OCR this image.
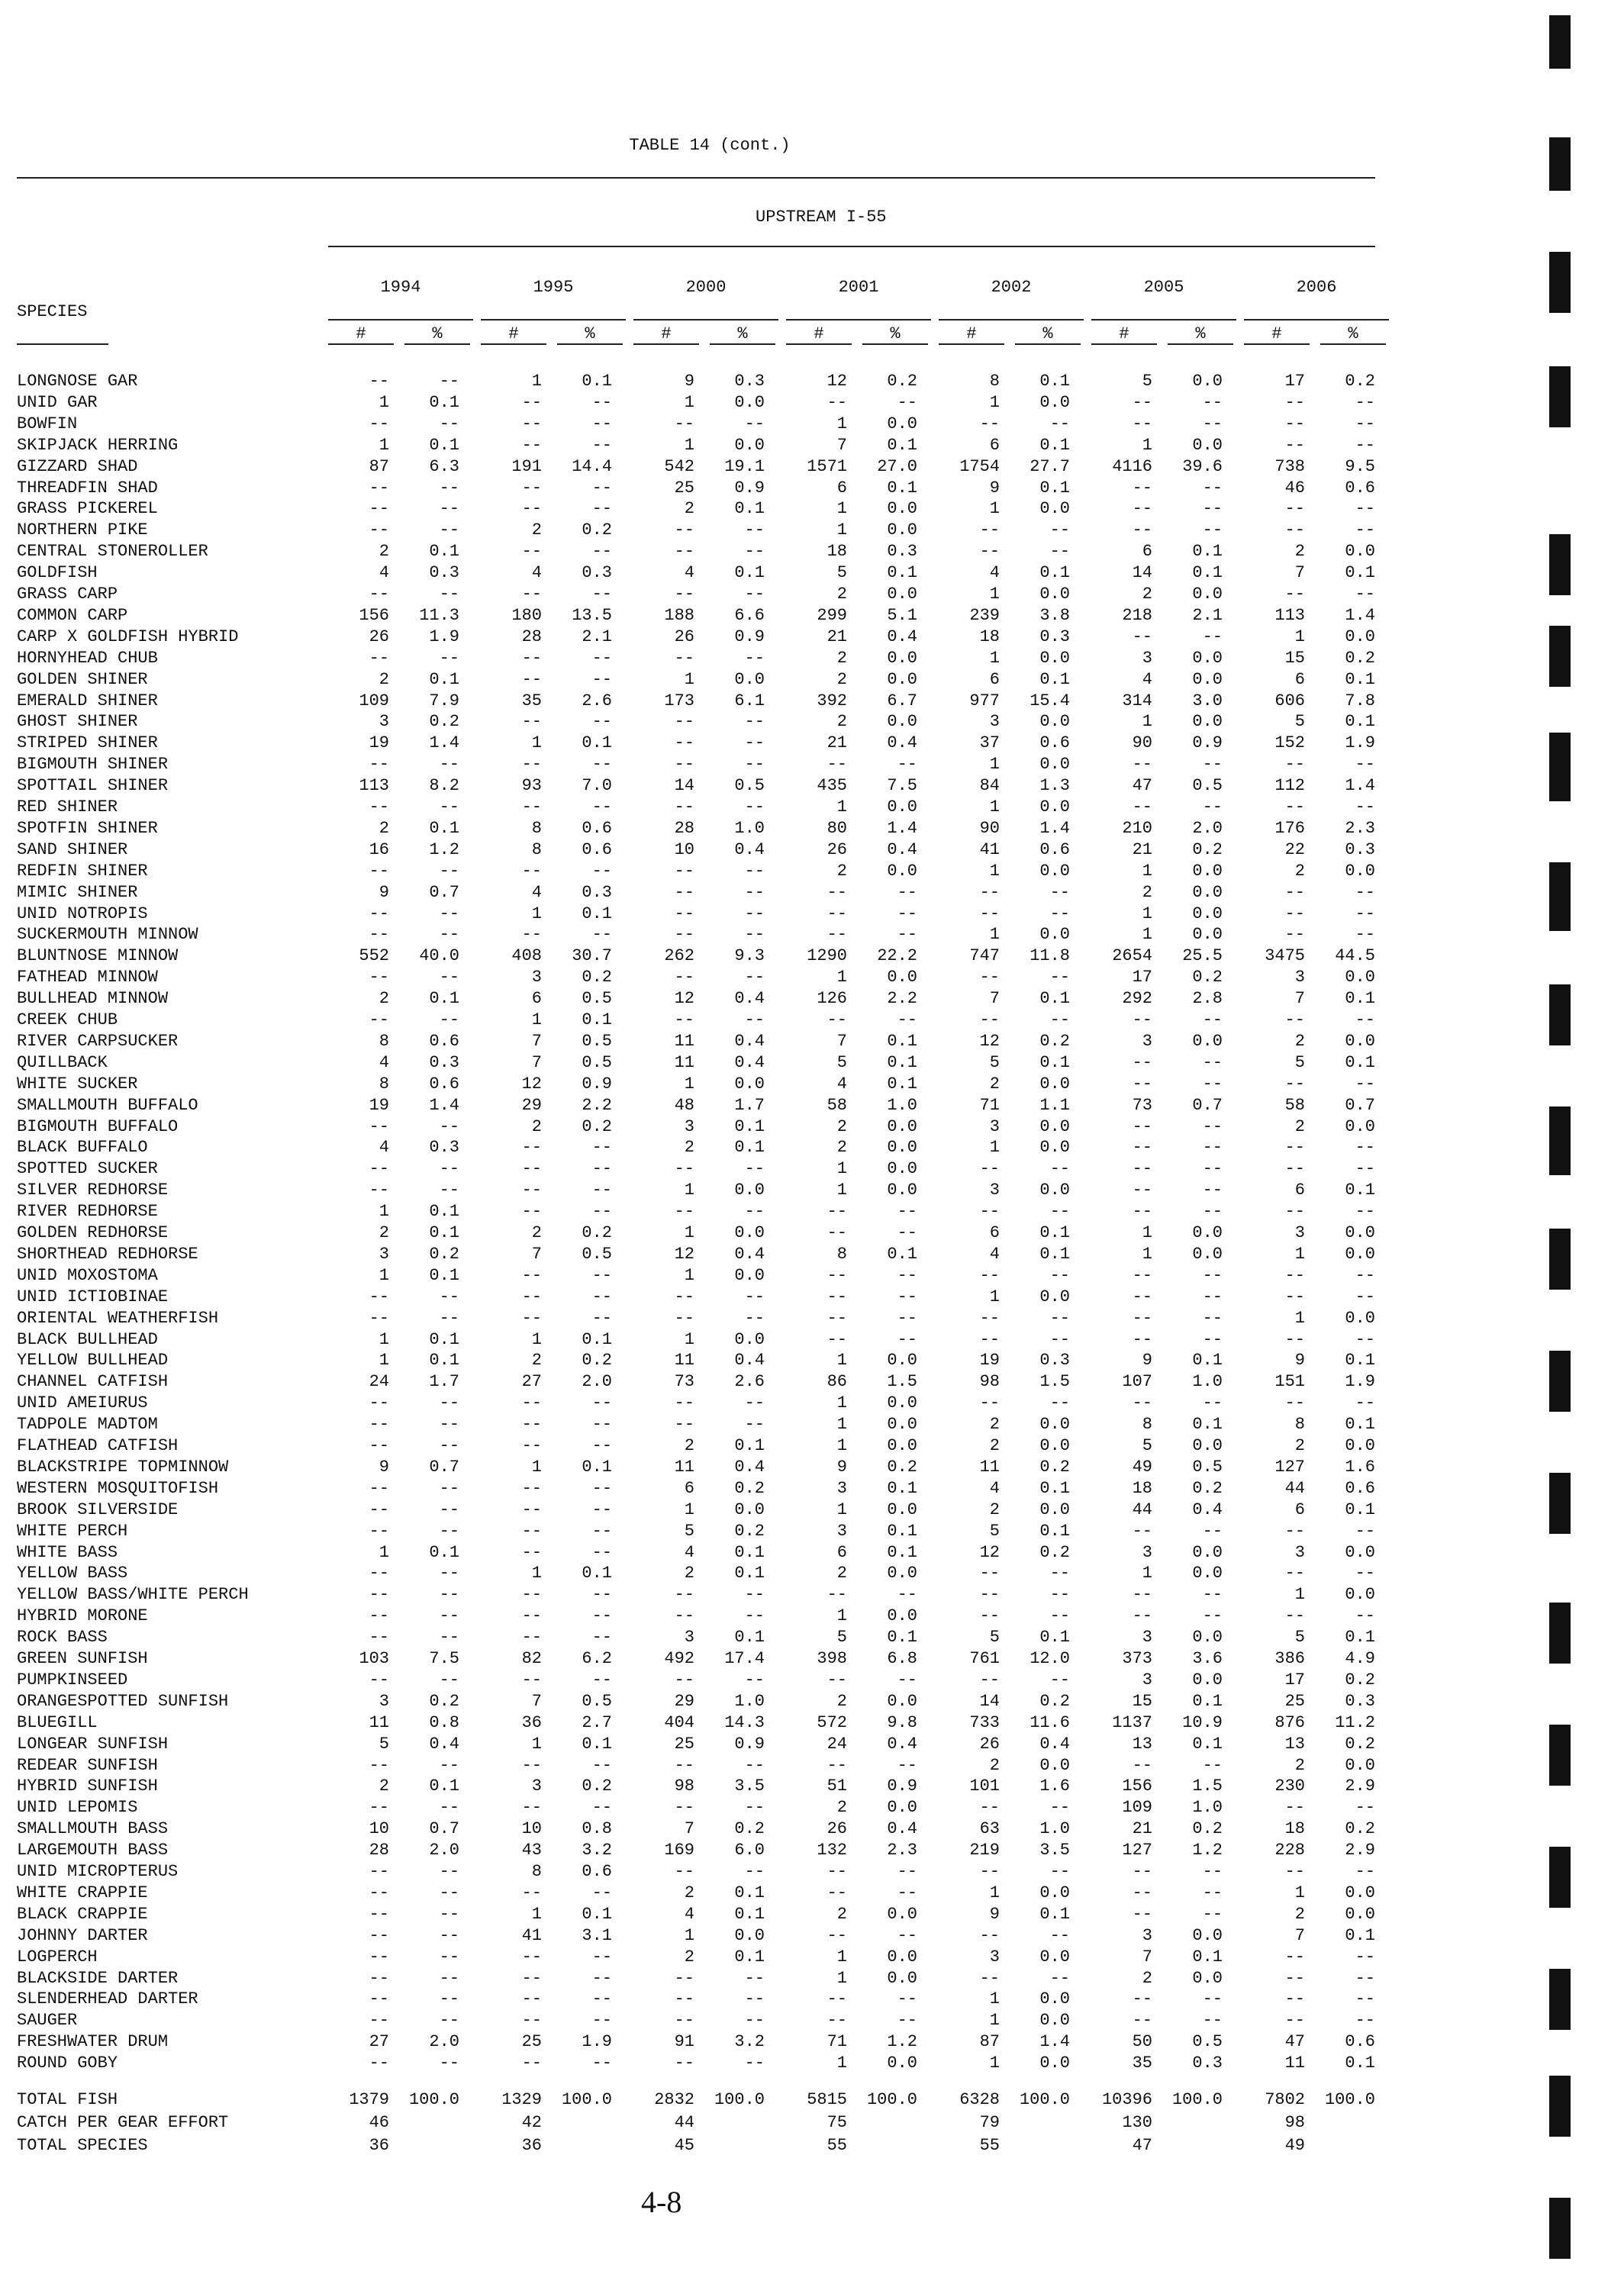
TABLE 14 (cont.)
UPSTREAM I-55
SPECIES
1994
#	%
1995
#	%
2000
#	%
2001
#	%
2002
#	%
2005
#	%
2006
#	%
LONGNOSE GAR	--	--	1	0.1	9	0.3	12	0.2	8	0.1	5	0.0	17	0.2
UNID GAR	1	0.1	--	--	1	0.0	--	--	1	0.0	--	--	--	--
BOWFIN	--	--	--	--	--	--	1	0.0	--	--	--	--	--	--
SKIPJACK HERRING	1	0.1	--	--	1	0.0	7	0.1	6	0.1	1	0.0	--	--
GIZZARD SHAD	87	6.3	191	14.4	542	19.1	1571	27.0	1754	27.7	4116	39.6	738	9.5
THREADFIN SHAD	--	--	--	--	25	0.9	6	0.1	9	0.1	--	--	46	0.6
GRASS PICKEREL	--	--	--	--	2	0.1	1	0.0	1	0.0	--	--	--	--
NORTHERN PIKE	--	--	2	0.2	--	--	1	0.0	--	--	--	--	--	--
CENTRAL STONEROLLER	2	0.1	--	--	--	--	18	0.3	--	--	6	0.1	2	0.0
GOLDFISH	4	0.3	4	0.3	4	0.1	5	0.1	4	0.1	14	0.1	7	0.1
GRASS CARP	--	--	--	--	--	--	2	0.0	1	0.0	2	0.0	--	--
COMMON CARP	156	11.3	180	13.5	188	6.6	299	5.1	239	3.8	218	2.1	113	1.4
CARP X GOLDFISH HYBRID	26	1.9	28	2.1	26	0.9	21	0.4	18	0.3	--	--	1	0.0
HORNYHEAD CHUB	--	--	--	--	--	--	2	0.0	1	0.0	3	0.0	15	0.2
GOLDEN SHINER	2	0.1	--	--	1	0.0	2	0.0	6	0.1	4	0.0	6	0.1
EMERALD SHINER	109	7.9	35	2.6	173	6.1	392	6.7	977	15.4	314	3.0	606	7.8
GHOST SHINER	3	0.2	--	--	--	--	2	0.0	3	0.0	1	0.0	5	0.1
STRIPED SHINER	19	1.4	1	0.1	--	--	21	0.4	37	0.6	90	0.9	152	1.9
BIGMOUTH SHINER	--	--	--	--	--	--	--	--	1	0.0	--	--	--	--
SPOTTAIL SHINER	113	8.2	93	7.0	14	0.5	435	7.5	84	1.3	47	0.5	112	1.4
RED SHINER	--	--	--	--	--	--	1	0.0	1	0.0	--	--	--	--
SPOTFIN SHINER	2	0.1	8	0.6	28	1.0	80	1.4	90	1.4	210	2.0	176	2.3
SAND SHINER	16	1.2	8	0.6	10	0.4	26	0.4	41	0.6	21	0.2	22	0.3
REDFIN SHINER	--	--	--	--	--	--	2	0.0	1	0.0	1	0.0	2	0.0
MIMIC SHINER	9	0.7	4	0.3	--	--	--	--	--	--	2	0.0	--	--
UNID NOTROPIS	--	--	1	0.1	--	--	--	--	--	--	1	0.0	--	--
SUCKERMOUTH MINNOW	--	--	--	--	--	--	--	--	1	0.0	1	0.0	--	--
BLUNTNOSE MINNOW	552	40.0	408	30.7	262	9.3	1290	22.2	747	11.8	2654	25.5	3475	44.5
FATHEAD MINNOW	--	--	3	0.2	--	--	1	0.0	--	--	17	0.2	3	0.0
BULLHEAD MINNOW	2	0.1	6	0.5	12	0.4	126	2.2	7	0.1	292	2.8	7	0.1
CREEK CHUB	--	--	1	0.1	--	--	--	--	--	--	--	--	--	--
RIVER CARPSUCKER	8	0.6	7	0.5	11	0.4	7	0.1	12	0.2	3	0.0	2	0.0
QUILLBACK	4	0.3	7	0.5	11	0.4	5	0.1	5	0.1	--	--	5	0.1
WHITE SUCKER	8	0.6	12	0.9	1	0.0	4	0.1	2	0.0	--	--	--	--
SMALLMOUTH BUFFALO	19	1.4	29	2.2	48	1.7	58	1.0	71	1.1	73	0.7	58	0.7
BIGMOUTH BUFFALO	--	--	2	0.2	3	0.1	2	0.0	3	0.0	--	--	2	0.0
BLACK BUFFALO	4	0.3	--	--	2	0.1	2	0.0	1	0.0	--	--	--	--
SPOTTED SUCKER	--	--	--	--	--	--	1	0.0	--	--	--	--	--	--
SILVER REDHORSE	--	--	--	--	1	0.0	1	0.0	3	0.0	--	--	6	0.1
RIVER REDHORSE	1	0.1	--	--	--	--	--	--	--	--	--	--	--	--
GOLDEN REDHORSE	2	0.1	2	0.2	1	0.0	--	--	6	0.1	1	0.0	3	0.0
SHORTHEAD REDHORSE	3	0.2	7	0.5	12	0.4	8	0.1	4	0.1	1	0.0	1	0.0
UNID MOXOSTOMA	1	0.1	--	--	1	0.0	--	--	--	--	--	--	--	--
UNID ICTIOBINAE	--	--	--	--	--	--	--	--	1	0.0	--	--	--	--
ORIENTAL WEATHERFISH	--	--	--	--	--	--	--	--	--	--	--	--	1	0.0
BLACK BULLHEAD	1	0.1	1	0.1	1	0.0	--	--	--	--	--	--	--	--
YELLOW BULLHEAD	1	0.1	2	0.2	11	0.4	1	0.0	19	0.3	9	0.1	9	0.1
CHANNEL CATFISH	24	1.7	27	2.0	73	2.6	86	1.5	98	1.5	107	1.0	151	1.9
UNID AMEIURUS	--	--	--	--	--	--	1	0.0	--	--	--	--	--	--
TADPOLE MADTOM	--	--	--	--	--	--	1	0.0	2	0.0	8	0.1	8	0.1
FLATHEAD CATFISH	--	--	--	--	2	0.1	1	0.0	2	0.0	5	0.0	2	0.0
BLACKSTRIPE TOPMINNOW	9	0.7	1	0.1	11	0.4	9	0.2	11	0.2	49	0.5	127	1.6
WESTERN MOSQUITOFISH	--	--	--	--	6	0.2	3	0.1	4	0.1	18	0.2	44	0.6
BROOK SILVERSIDE	--	--	--	--	1	0.0	1	0.0	2	0.0	44	0.4	6	0.1
WHITE PERCH	--	--	--	--	5	0.2	3	0.1	5	0.1	--	--	--	--
WHITE BASS	1	0.1	--	--	4	0.1	6	0.1	12	0.2	3	0.0	3	0.0
YELLOW BASS	--	--	1	0.1	2	0.1	2	0.0	--	--	1	0.0	--	--
YELLOW BASS/WHITE PERCH	--	--	--	--	--	--	--	--	--	--	--	--	1	0.0
HYBRID MORONE	--	--	--	--	--	--	1	0.0	--	--	--	--	--	--
ROCK BASS	--	--	--	--	3	0.1	5	0.1	5	0.1	3	0.0	5	0.1
GREEN SUNFISH	103	7.5	82	6.2	492	17.4	398	6.8	761	12.0	373	3.6	386	4.9
PUMPKINSEED	--	--	--	--	--	--	--	--	--	--	3	0.0	17	0.2
ORANGESPOTTED SUNFISH	3	0.2	7	0.5	29	1.0	2	0.0	14	0.2	15	0.1	25	0.3
BLUEGILL	11	0.8	36	2.7	404	14.3	572	9.8	733	11.6	1137	10.9	876	11.2
LONGEAR SUNFISH	5	0.4	1	0.1	25	0.9	24	0.4	26	0.4	13	0.1	13	0.2
REDEAR SUNFISH	--	--	--	--	--	--	--	--	2	0.0	--	--	2	0.0
HYBRID SUNFISH	2	0.1	3	0.2	98	3.5	51	0.9	101	1.6	156	1.5	230	2.9
UNID LEPOMIS	--	--	--	--	--	--	2	0.0	--	--	109	1.0	--	--
SMALLMOUTH BASS	10	0.7	10	0.8	7	0.2	26	0.4	63	1.0	21	0.2	18	0.2
LARGEMOUTH BASS	28	2.0	43	3.2	169	6.0	132	2.3	219	3.5	127	1.2	228	2.9
UNID MICROPTERUS	--	--	8	0.6	--	--	--	--	--	--	--	--	--	--
WHITE CRAPPIE	--	--	--	--	2	0.1	--	--	1	0.0	--	--	1	0.0
BLACK CRAPPIE	--	--	1	0.1	4	0.1	2	0.0	9	0.1	--	--	2	0.0
JOHNNY DARTER	--	--	41	3.1	1	0.0	--	--	--	--	3	0.0	7	0.1
LOGPERCH	--	--	--	--	2	0.1	1	0.0	3	0.0	7	0.1	--	--
BLACKSIDE DARTER	--	--	--	--	--	--	1	0.0	--	--	2	0.0	--	--
SLENDERHEAD DARTER	--	--	--	--	--	--	--	--	1	0.0	--	--	--	--
SAUGER	--	--	--	--	--	--	--	--	1	0.0	--	--	--	--
FRESHWATER DRUM	27	2.0	25	1.9	91	3.2	71	1.2	87	1.4	50	0.5	47	0.6
ROUND GOBY	--	--	--	--	--	--	1	0.0	1	0.0	35	0.3	11	0.1
TOTAL FISH	1379	100.0	1329	100.0	2832	100.0	5815	100.0	6328	100.0	10396	100.0	7802	100.0
CATCH PER GEAR EFFORT	46	42	44	75	79	130	98
TOTAL SPECIES	36	36	45	55	55	47	49
4-8
